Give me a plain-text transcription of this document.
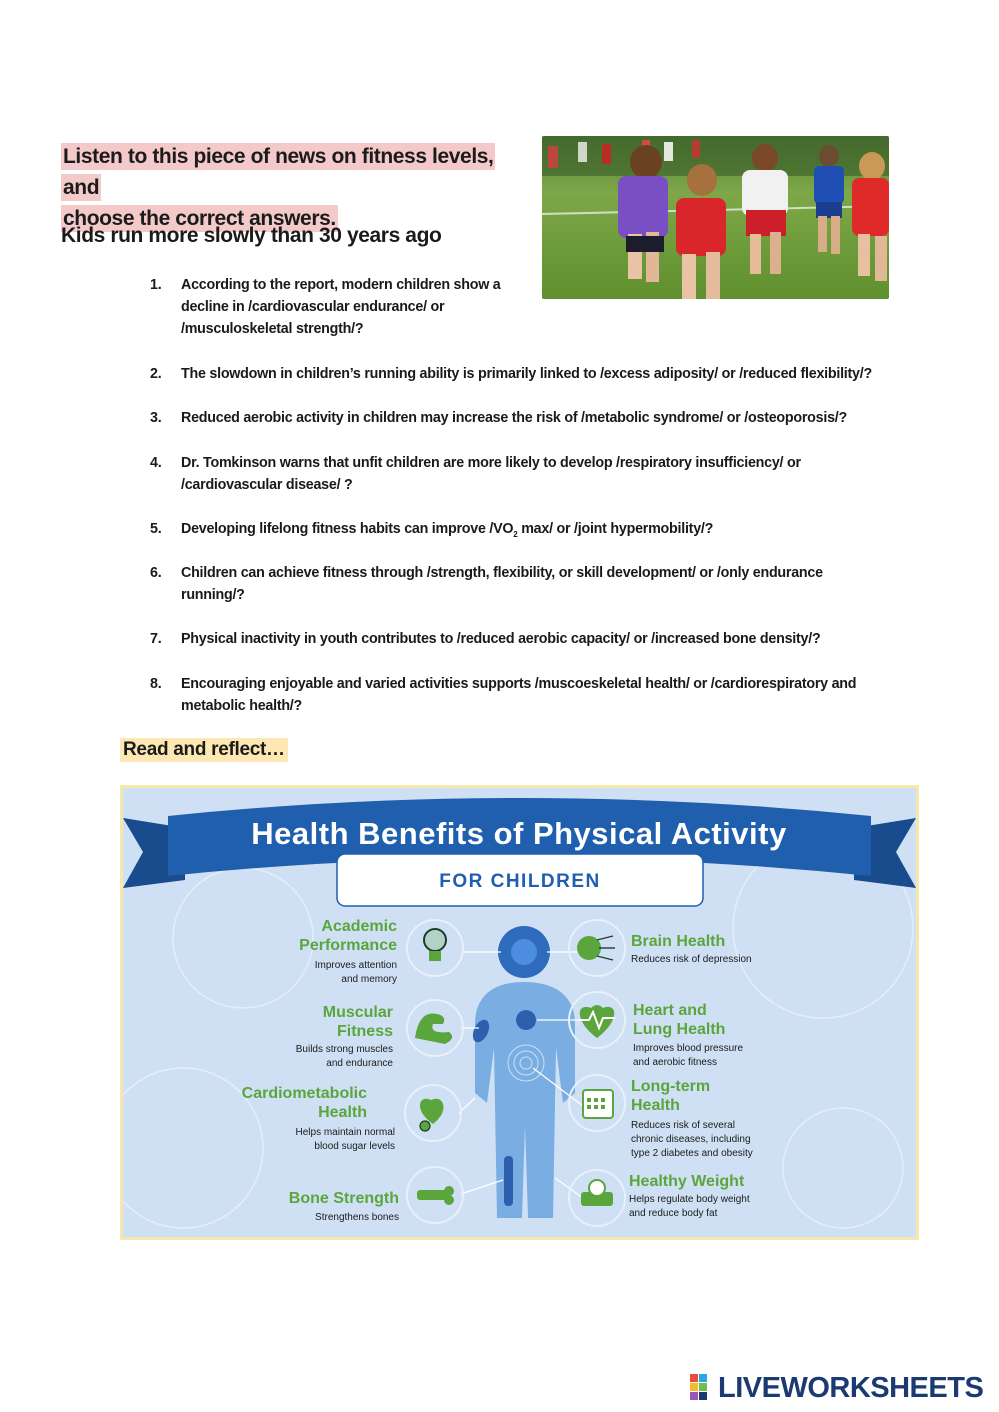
Listen to this piece of news on fitness levels, and
choose the correct answers.
Kids run more slowly than 30 years ago
1.	According to the report, modern children show a
decline in /cardiovascular endurance/ or
/musculoskeletal strength/?
2.	The slowdown in children’s running ability is primarily linked to /excess adiposity/ or /reduced flexibility/?
3.	Reduced aerobic activity in children may increase the risk of /metabolic syndrome/ or /osteoporosis/?
4.	Dr. Tomkinson warns that unfit children are more likely to develop /respiratory insufficiency/ or
/cardiovascular disease/ ?
5.	Developing lifelong fitness habits can improve $/VO_2$ max/ or /joint hypermobility/?
6.	Children can achieve fitness through /strength, flexibility, or skill development/ or /only endurance
running/?
7.	Physical inactivity in youth contributes to /reduced aerobic capacity/ or /increased bone density/?
8.	Encouraging enjoyable and varied activities supports /muscoeskeletal health/ or /cardiorespiratory and
metabolic health/?
Read and reflect…
Health Benefits of Physical Activity
FOR CHILDREN
Academic
Performance
Muscular
Fitness
Cardiometabolic
Health
Bone Strength
Improves attention
and memory
Builds strong muscles
and endurance
Helps maintain normal
blood sugar levels
Strengthens bones
Brain Health
Heart and
Lung Health
Long-term
Health
Healthy Weight
Reduces risk of depression
Improves blood pressure
and aerobic fitness
Reduces risk of several
chronic diseases, including
type 2 diabetes and obesity
Helps regulate body weight
and reduce body fat
LIVEWORKSHEETS
